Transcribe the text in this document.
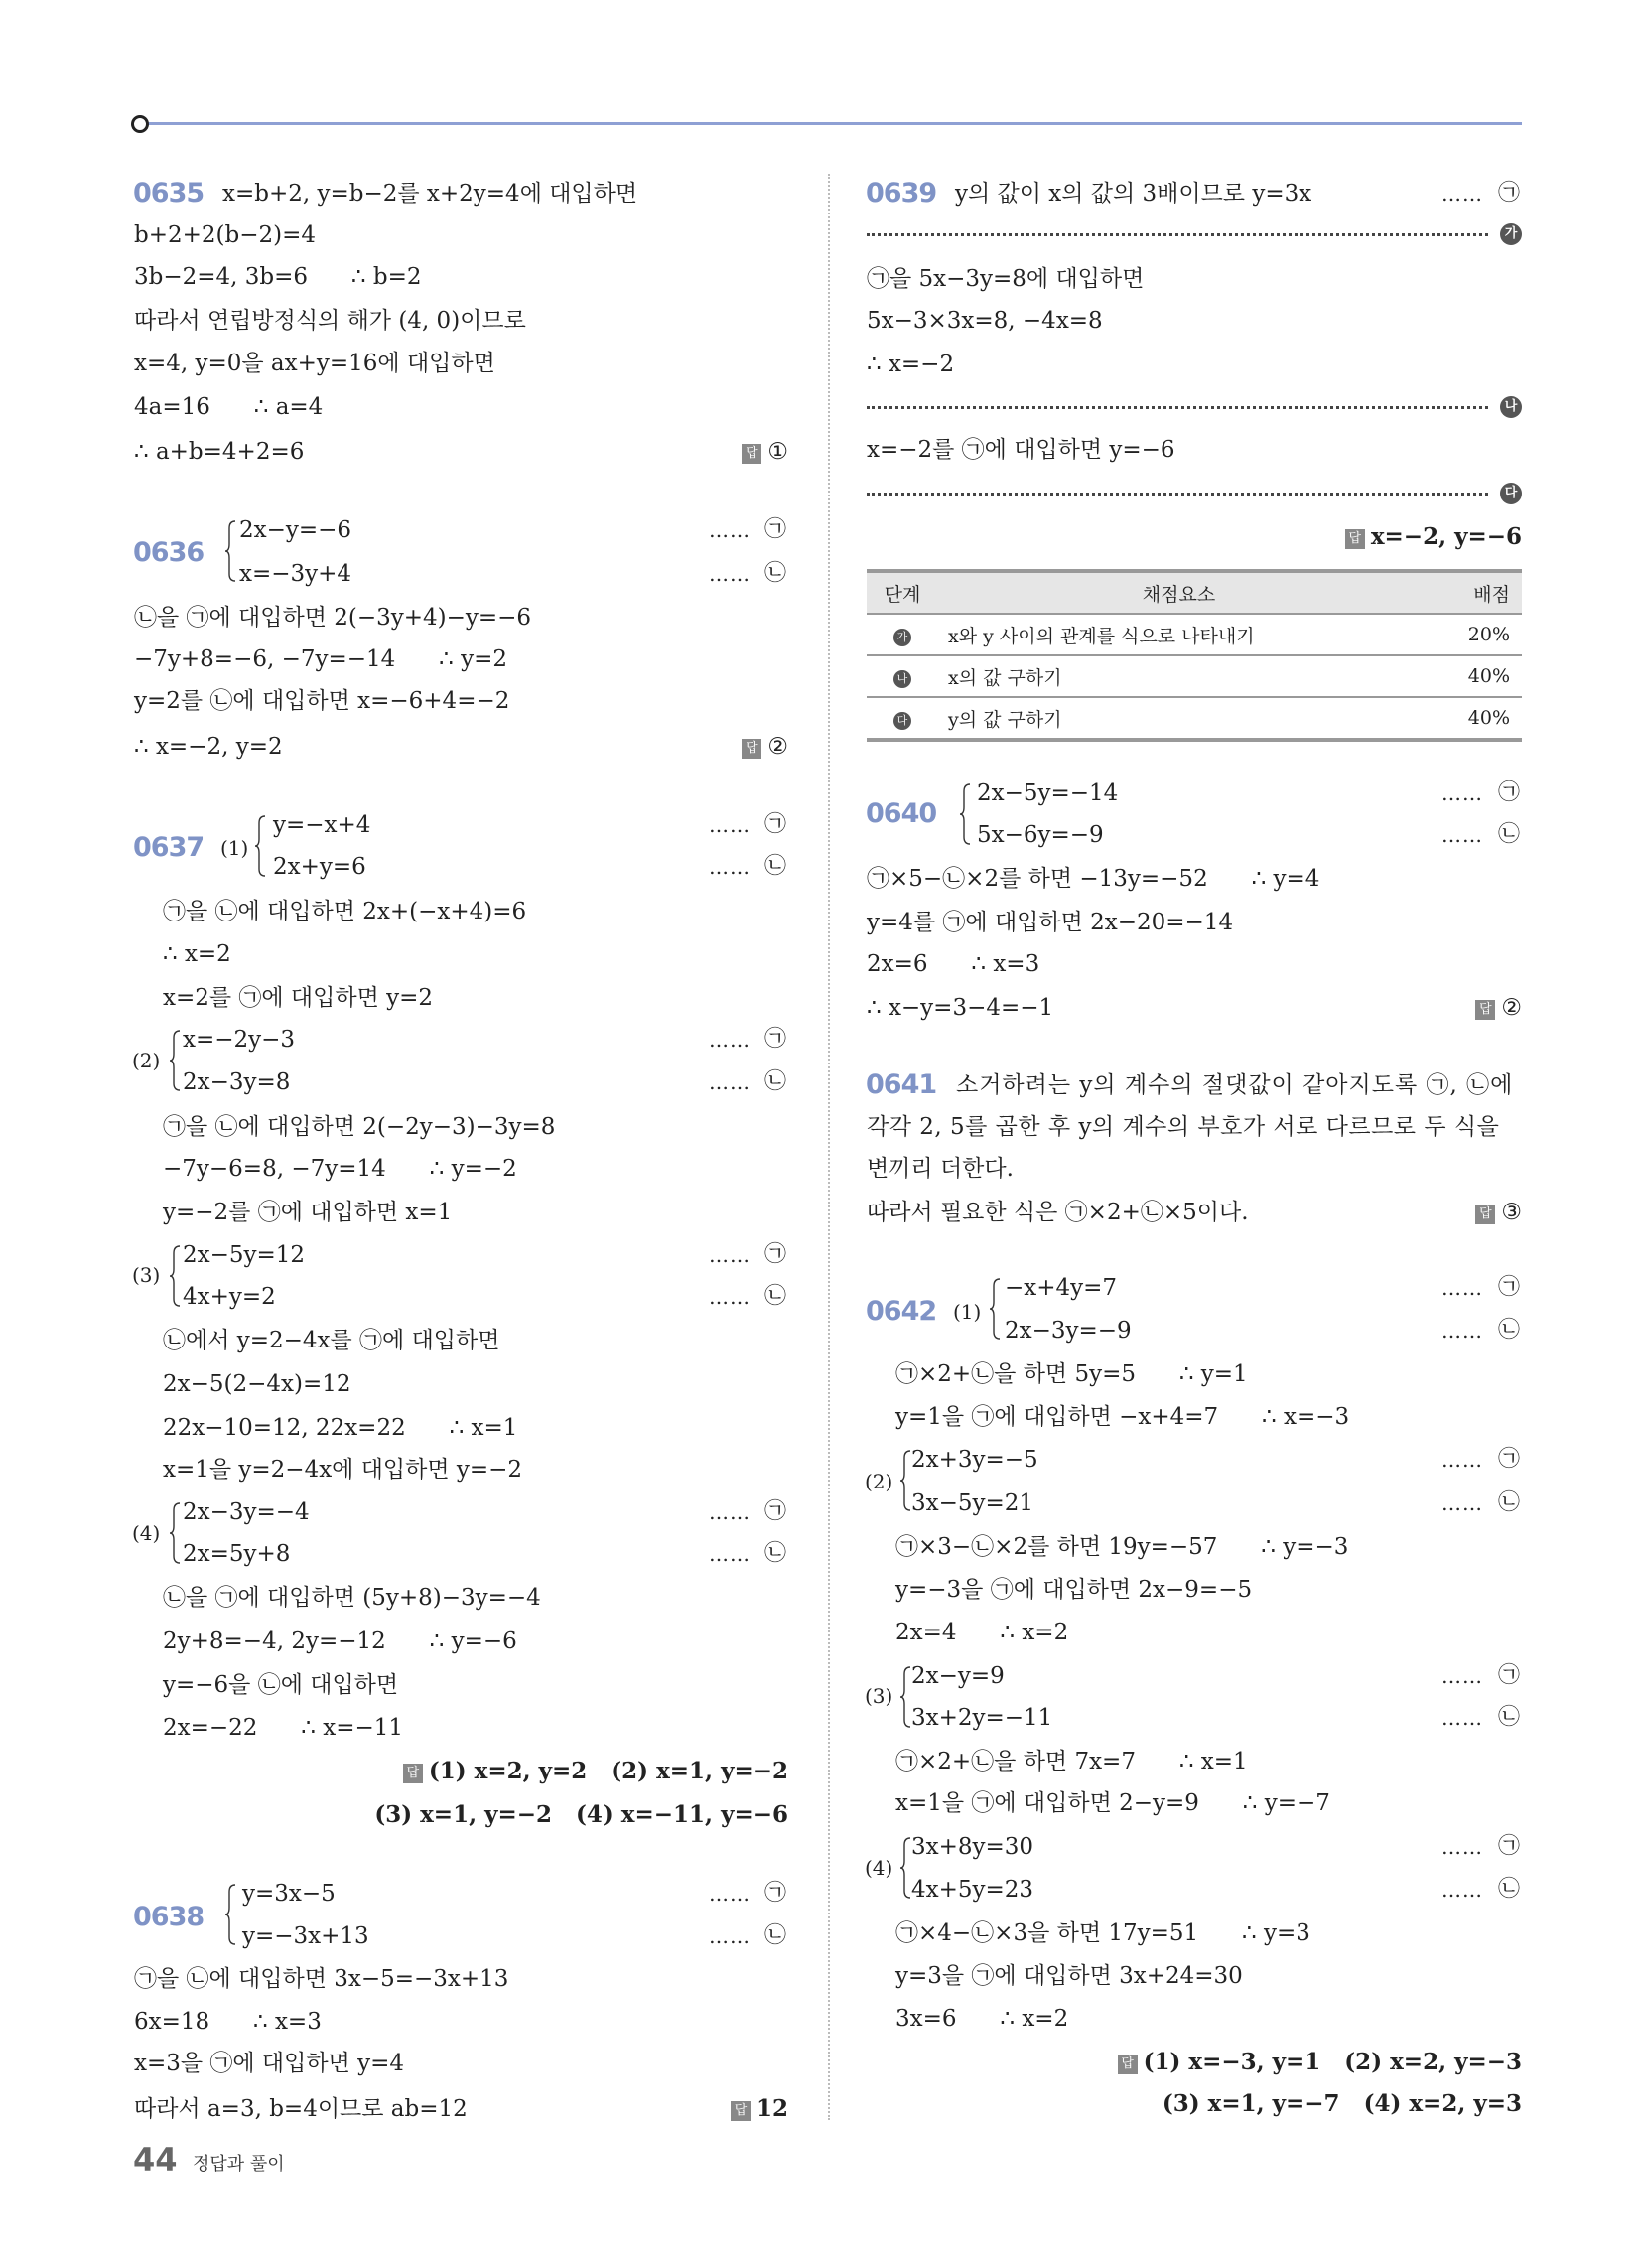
0635 x=b+2, y=b−2를 x+2y=4에 대입하면
b+2+2(b−2)=4
3b−2=4, 3b=6      ∴ b=2
따라서 연립방정식의 해가 (4, 0)이므로
x=4, y=0을 ax+y=16에 대입하면
4a=16      ∴ a=4
∴ a+b=4+2=6	답 ①
0636
2x−y=−6
x=−3y+4
…… ㉠
…… ㉡
㉡을 ㉠에 대입하면 2(−3y+4)−y=−6
−7y+8=−6, −7y=−14      ∴ y=2
y=2를 ㉡에 대입하면 x=−6+4=−2
∴ x=−2, y=2	답 ②
0637 (1)
y=−x+4
2x+y=6
…… ㉠
…… ㉡
㉠을 ㉡에 대입하면 2x+(−x+4)=6
∴ x=2
x=2를 ㉠에 대입하면 y=2
(2)
x=−2y−3
2x−3y=8
…… ㉠
…… ㉡
㉠을 ㉡에 대입하면 2(−2y−3)−3y=8
−7y−6=8, −7y=14      ∴ y=−2
y=−2를 ㉠에 대입하면 x=1
(3)
2x−5y=12
4x+y=2
…… ㉠
…… ㉡
㉡에서 y=2−4x를 ㉠에 대입하면
2x−5(2−4x)=12
22x−10=12, 22x=22      ∴ x=1
x=1을 y=2−4x에 대입하면 y=−2
(4)
2x−3y=−4
2x=5y+8
…… ㉠
…… ㉡
㉡을 ㉠에 대입하면 (5y+8)−3y=−4
2y+8=−4, 2y=−12      ∴ y=−6
y=−6을 ㉡에 대입하면
2x=−22      ∴ x=−11
답 (1) x=2, y=2   (2) x=1, y=−2
(3) x=1, y=−2   (4) x=−11, y=−6
0638
y=3x−5
y=−3x+13
…… ㉠
…… ㉡
㉠을 ㉡에 대입하면 3x−5=−3x+13
6x=18      ∴ x=3
x=3을 ㉠에 대입하면 y=4
따라서 a=3, b=4이므로 ab=12	답 12
44 정답과 풀이
0639 y의 값이 x의 값의 3배이므로 y=3x	…… ㉠
가
㉠을 5x−3y=8에 대입하면
5x−3×3x=8, −4x=8
∴ x=−2
나
x=−2를 ㉠에 대입하면 y=−6
다
답 x=−2, y=−6
단계	채점요소	배점
가	x와 y 사이의 관계를 식으로 나타내기	20%
나	x의 값 구하기	40%
다	y의 값 구하기	40%
0640
2x−5y=−14
5x−6y=−9
…… ㉠
…… ㉡
㉠×5−㉡×2를 하면 −13y=−52      ∴ y=4
y=4를 ㉠에 대입하면 2x−20=−14
2x=6      ∴ x=3
∴ x−y=3−4=−1	답 ②
0641 소거하려는 y의 계수의 절댓값이 같아지도록 ㉠, ㉡에
각각 2, 5를 곱한 후 y의 계수의 부호가 서로 다르므로 두 식을
변끼리 더한다.
따라서 필요한 식은 ㉠×2+㉡×5이다.	답 ③
0642 (1)
−x+4y=7
2x−3y=−9
…… ㉠
…… ㉡
㉠×2+㉡을 하면 5y=5      ∴ y=1
y=1을 ㉠에 대입하면 −x+4=7      ∴ x=−3
(2)
2x+3y=−5
3x−5y=21
…… ㉠
…… ㉡
㉠×3−㉡×2를 하면 19y=−57      ∴ y=−3
y=−3을 ㉠에 대입하면 2x−9=−5
2x=4      ∴ x=2
(3)
2x−y=9
3x+2y=−11
…… ㉠
…… ㉡
㉠×2+㉡을 하면 7x=7      ∴ x=1
x=1을 ㉠에 대입하면 2−y=9      ∴ y=−7
(4)
3x+8y=30
4x+5y=23
…… ㉠
…… ㉡
㉠×4−㉡×3을 하면 17y=51      ∴ y=3
y=3을 ㉠에 대입하면 3x+24=30
3x=6      ∴ x=2
답 (1) x=−3, y=1   (2) x=2, y=−3
(3) x=1, y=−7   (4) x=2, y=3
